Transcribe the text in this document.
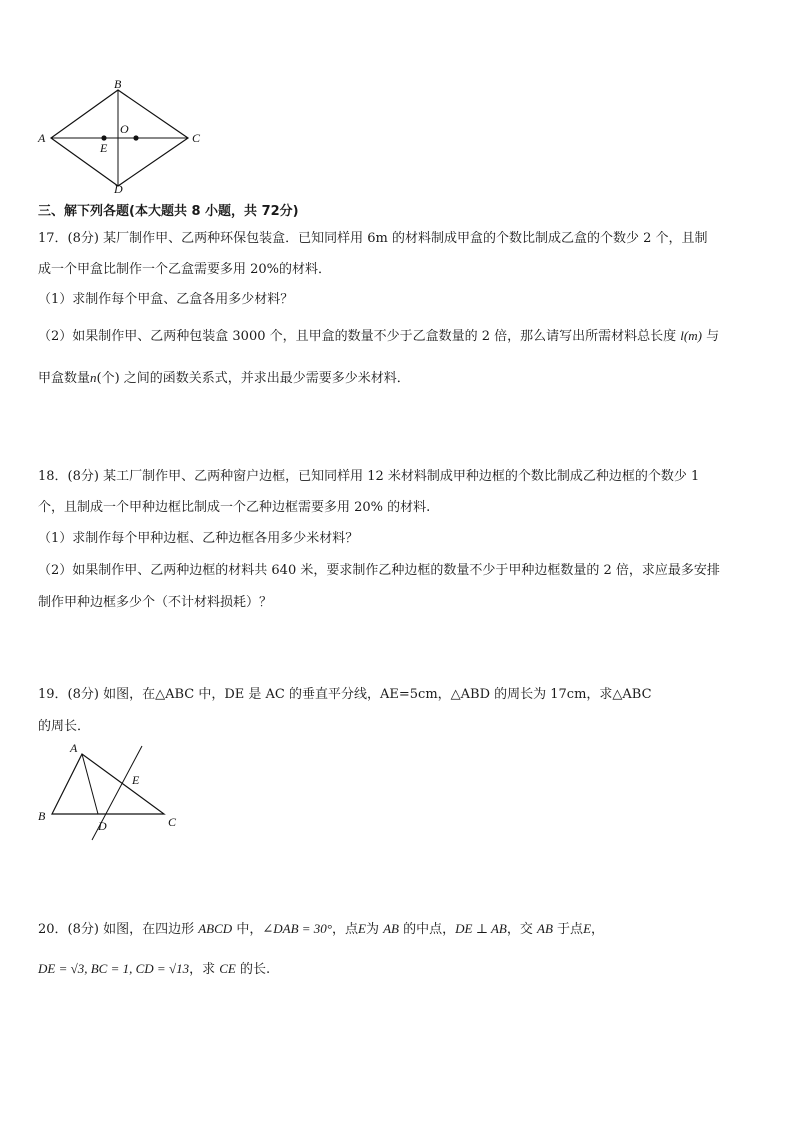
A
B
C
D
O
E
三、解下列各题(本大题共 8 小题，共 72分)
17．(8分) 某厂制作甲、乙两种环保包装盒．已知同样用 6m 的材料制成甲盒的个数比制成乙盒的个数少 2 个，且制
成一个甲盒比制作一个乙盒需要多用 20%的材料．
（1）求制作每个甲盒、乙盒各用多少材料？
（2）如果制作甲、乙两种包装盒 3000 个，且甲盒的数量不少于乙盒数量的 2 倍，那么请写出所需材料总长度 l(m) 与
甲盒数量n(个) 之间的函数关系式，并求出最少需要多少米材料．
18．(8分) 某工厂制作甲、乙两种窗户边框，已知同样用 12 米材料制成甲种边框的个数比制成乙种边框的个数少 1
个，且制成一个甲种边框比制成一个乙种边框需要多用 20% 的材料.
（1）求制作每个甲种边框、乙种边框各用多少米材料？
（2）如果制作甲、乙两种边框的材料共 640 米，要求制作乙种边框的数量不少于甲种边框数量的 2 倍，求应最多安排
制作甲种边框多少个（不计材料损耗）？
19．(8分) 如图，在△ABC 中，DE 是 AC 的垂直平分线，AE=5cm，△ABD 的周长为 17cm，求△ABC
的周长．
A
B	C
D
E
20．(8分) 如图，在四边形 ABCD 中，∠DAB = 30°，点E为 AB 的中点，DE ⊥ AB，交 AB 于点E，
DE = √3, BC = 1, CD = √13，求 CE 的长.
